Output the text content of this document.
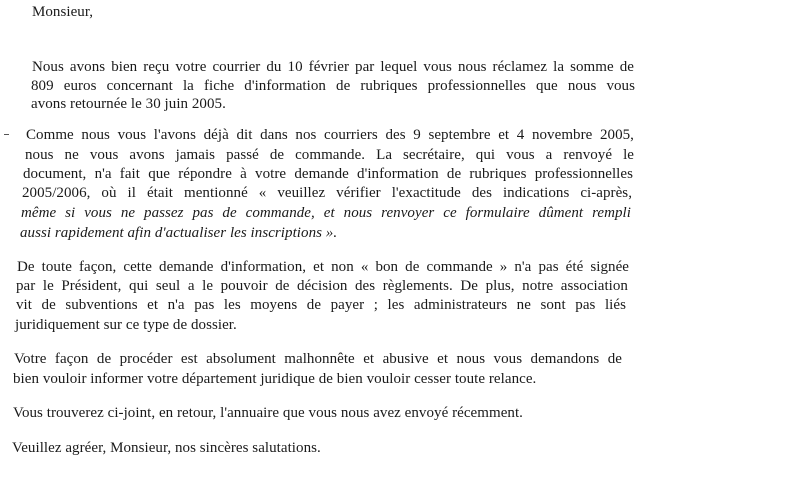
Monsieur,

Nous avons bien reçu votre courrier du 10 février par lequel vous nous réclamez la somme de

809 euros concernant la fiche d'information de rubriques professionnelles que nous vous

avons retournée le 30 juin 2005.

Comme nous vous l'avons déjà dit dans nos courriers des 9 septembre et 4 novembre 2005,

nous ne vous avons jamais passé de commande. La secrétaire, qui vous a renvoyé le

document, n'a fait que répondre à votre demande d'information de rubriques professionnelles

2005/2006, où il était mentionné « veuillez vérifier l'exactitude des indications ci-après,

même si vous ne passez pas de commande, et nous renvoyer ce formulaire dûment rempli

aussi rapidement afin d'actualiser les inscriptions ».

De toute façon, cette demande d'information, et non « bon de commande » n'a pas été signée

par le Président, qui seul a le pouvoir de décision des règlements. De plus, notre association

vit de subventions et n'a pas les moyens de payer ; les administrateurs ne sont pas liés

juridiquement sur ce type de dossier.

Votre façon de procéder est absolument malhonnête et abusive et nous vous demandons de

bien vouloir informer votre département juridique de bien vouloir cesser toute relance.

Vous trouverez ci-joint, en retour, l'annuaire que vous nous avez envoyé récemment.

Veuillez agréer, Monsieur, nos sincères salutations.
